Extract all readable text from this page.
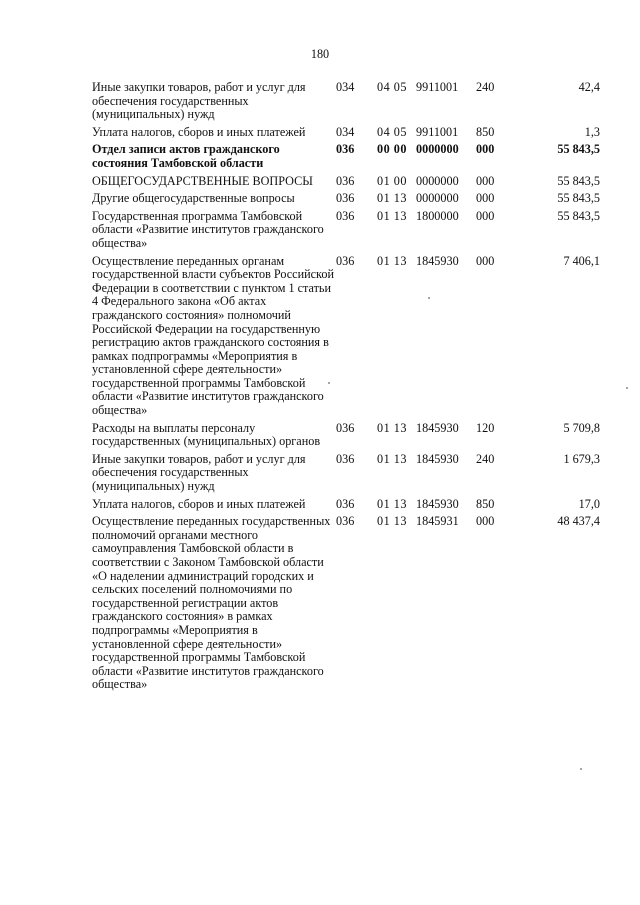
180
Иные закупки товаров, работ и услуг для обеспечения государственных (муниципальных) нужд	034	04 05	9911001	240	42,4
Уплата налогов, сборов и иных платежей	034	04 05	9911001	850	1,3
Отдел записи актов гражданского состояния Тамбовской области	036	00 00	0000000	000	55 843,5
ОБЩЕГОСУДАРСТВЕННЫЕ ВОПРОСЫ	036	01 00	0000000	000	55 843,5
Другие общегосударственные вопросы	036	01 13	0000000	000	55 843,5
Государственная программа Тамбовской области «Развитие институтов гражданского общества»	036	01 13	1800000	000	55 843,5
Осуществление переданных органам государственной власти субъектов Российской Федерации в соответствии с пунктом 1 статьи 4 Федерального закона «Об актах гражданского состояния» полномочий Российской Федерации на государственную регистрацию актов гражданского состояния в рамках подпрограммы «Мероприятия в установленной сфере деятельности» государственной программы Тамбовской области «Развитие институтов гражданского общества»	036	01 13	1845930	000	7 406,1
Расходы на выплаты персоналу государственных (муниципальных) органов	036	01 13	1845930	120	5 709,8
Иные закупки товаров, работ и услуг для обеспечения государственных (муниципальных) нужд	036	01 13	1845930	240	1 679,3
Уплата налогов, сборов и иных платежей	036	01 13	1845930	850	17,0
Осуществление переданных государственных полномочий органами местного самоуправления Тамбовской области в соответствии с Законом Тамбовской области «О наделении администраций городских и сельских поселений полномочиями по государственной регистрации актов гражданского состояния» в рамках подпрограммы «Мероприятия в установленной сфере деятельности» государственной программы Тамбовской области «Развитие институтов гражданского общества»	036	01 13	1845931	000	48 437,4
